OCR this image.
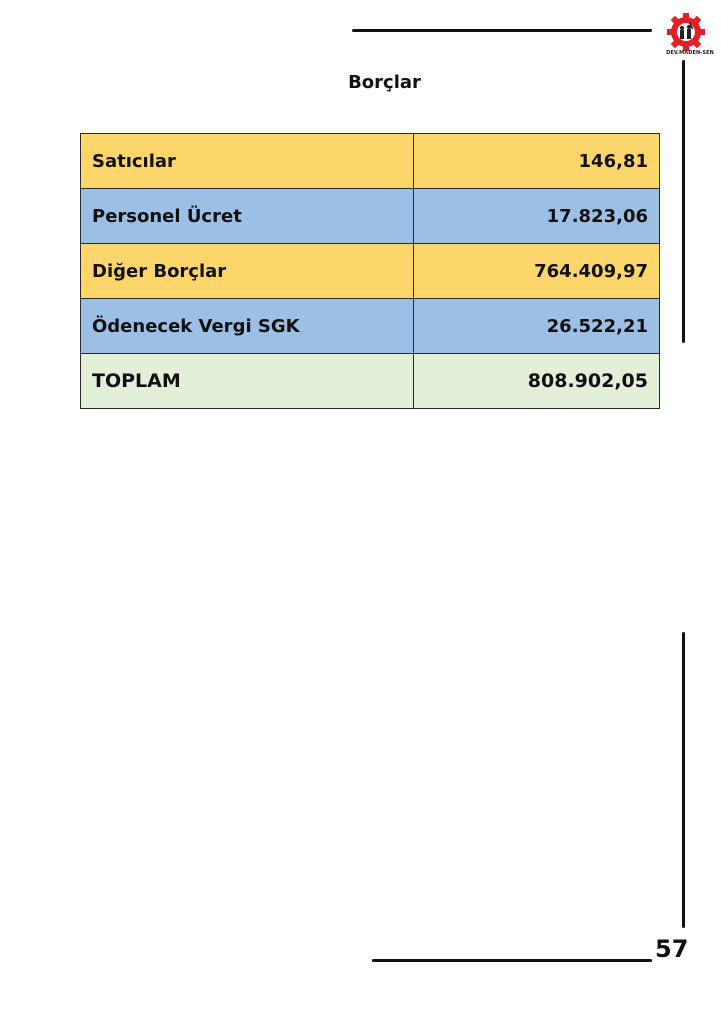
DEV.MADEN-SEN
Borçlar
Satıcılar	146,81
Personel Ücret	17.823,06
Diğer Borçlar	764.409,97
Ödenecek Vergi SGK	26.522,21
TOPLAM	808.902,05
57
